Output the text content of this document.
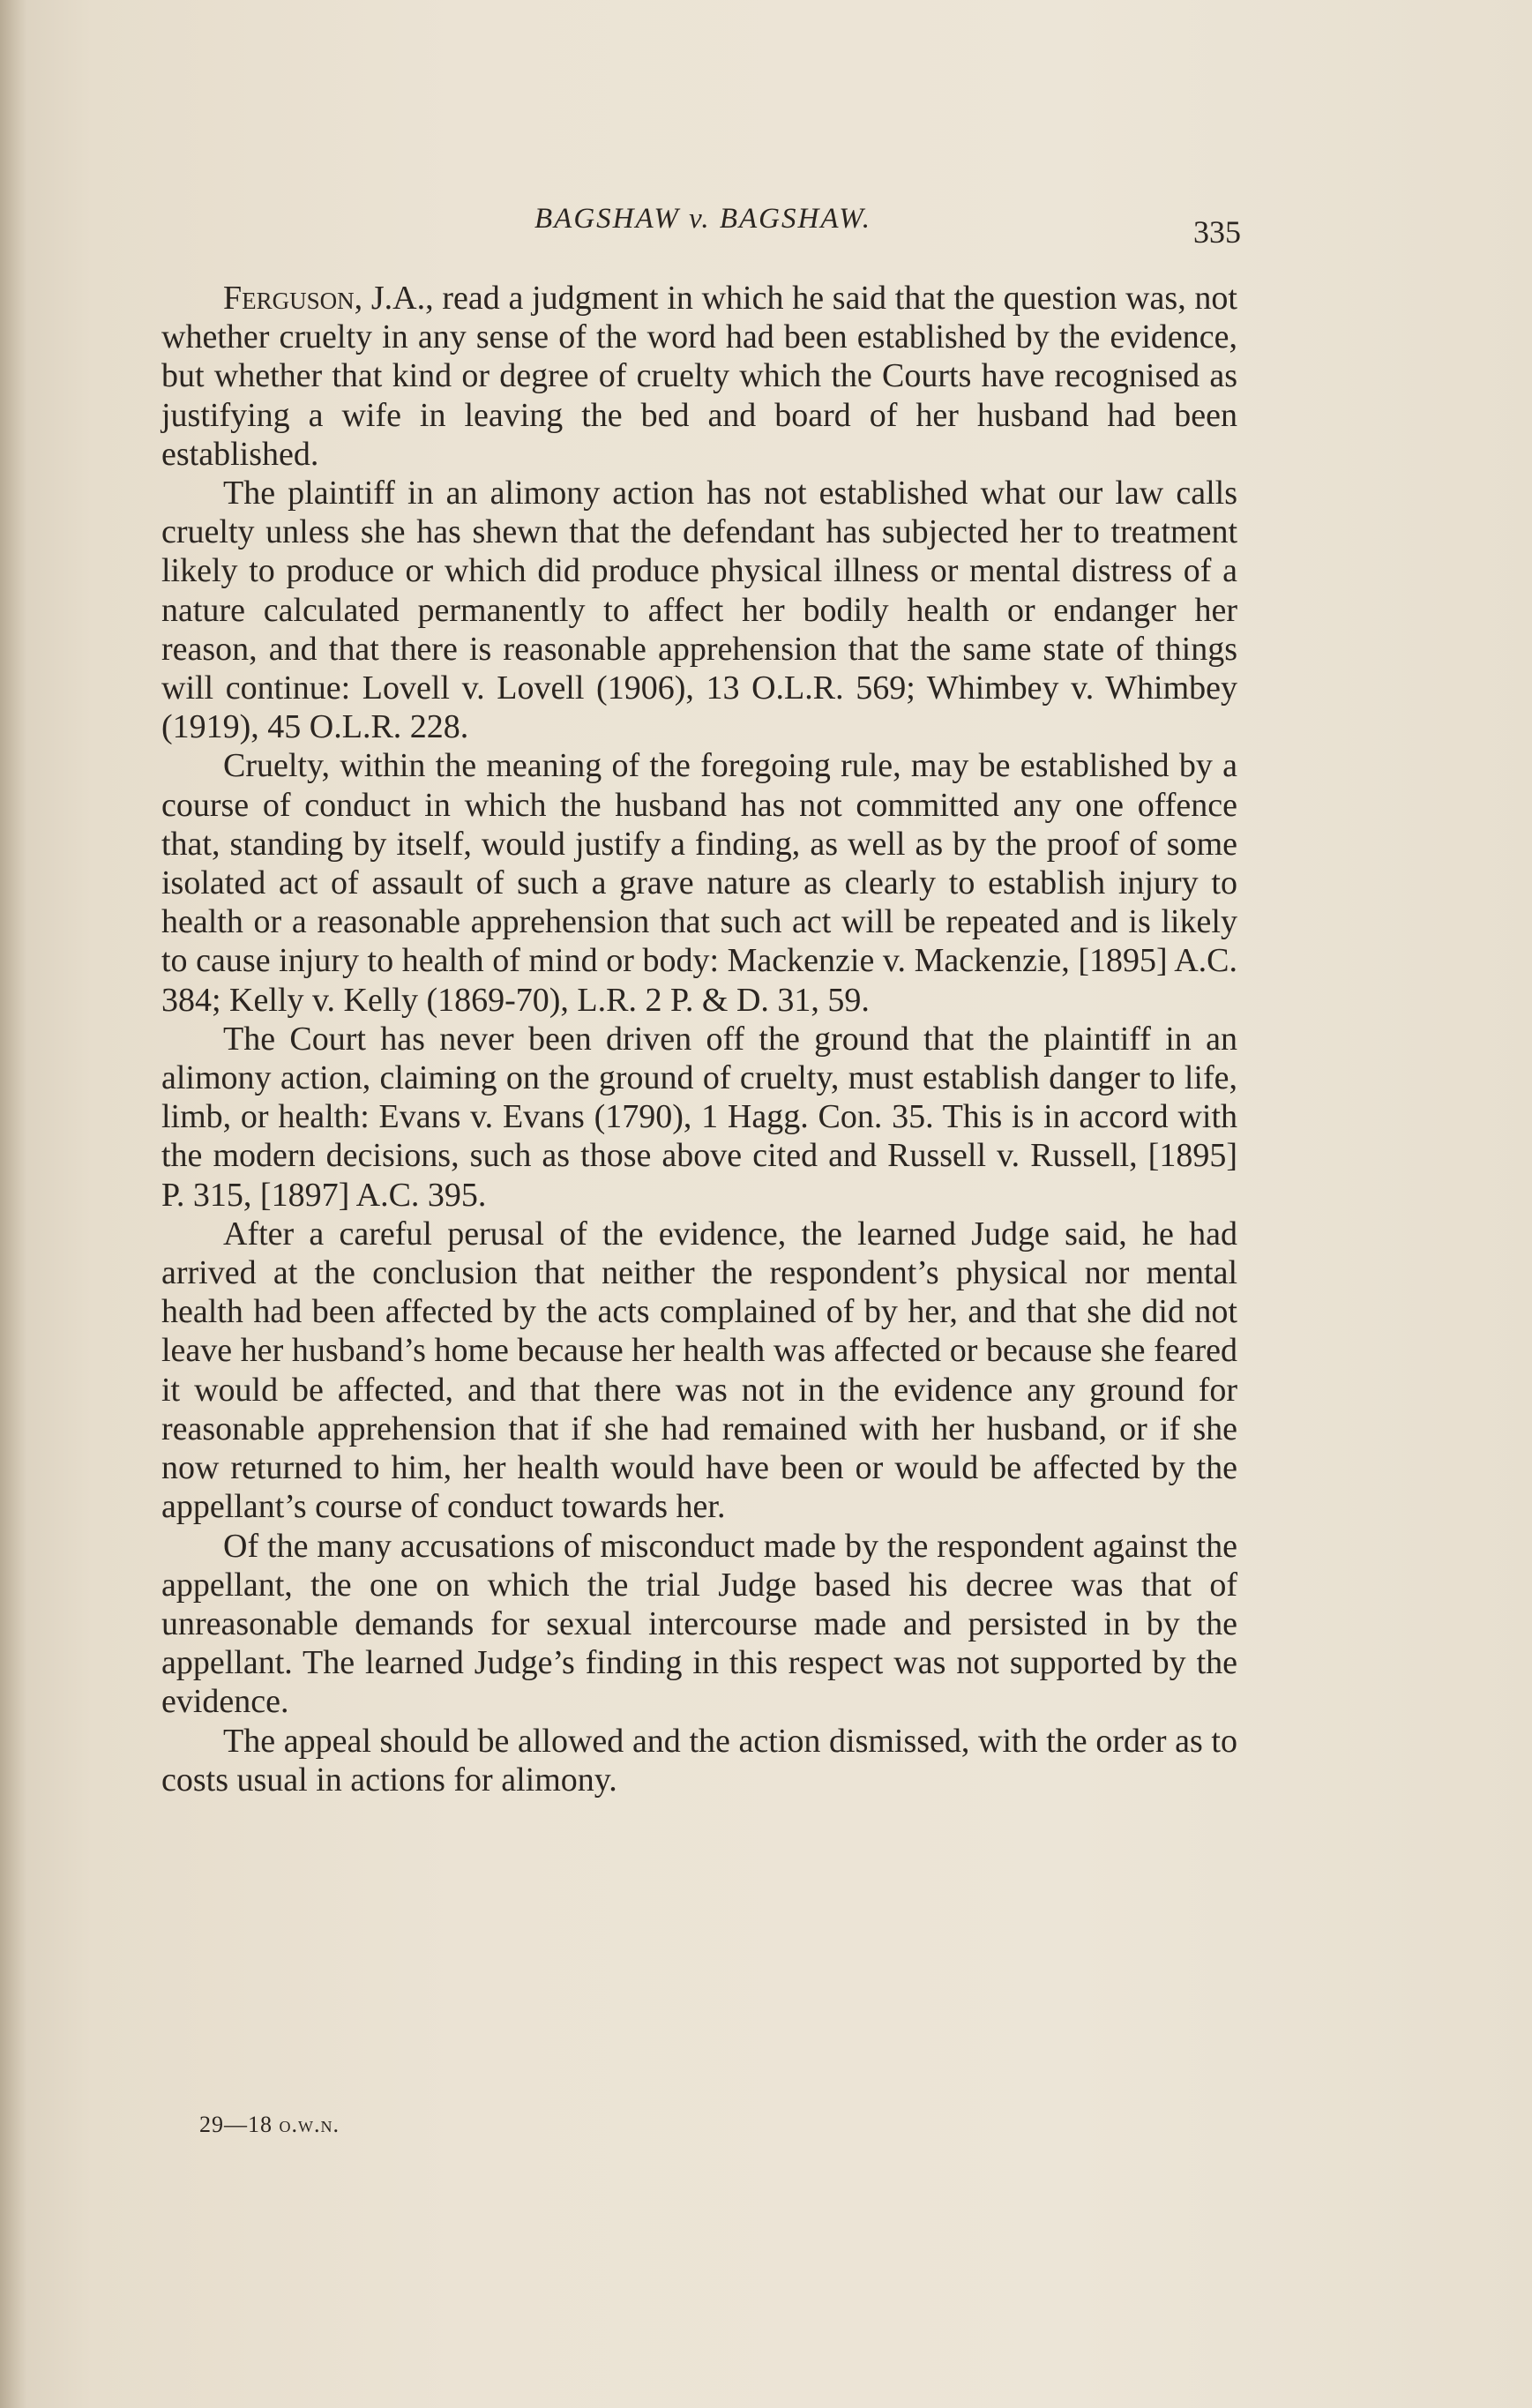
BAGSHAW v. BAGSHAW.	335

Ferguson, J.A., read a judgment in which he said that the question was, not whether cruelty in any sense of the word had been established by the evidence, but whether that kind or degree of cruelty which the Courts have recognised as justifying a wife in leaving the bed and board of her husband had been established.

The plaintiff in an alimony action has not established what our law calls cruelty unless she has shewn that the defendant has subjected her to treatment likely to produce or which did produce physical illness or mental distress of a nature calculated permanently to affect her bodily health or endanger her reason, and that there is reasonable apprehension that the same state of things will continue: Lovell v. Lovell (1906), 13 O.L.R. 569; Whimbey v. Whimbey (1919), 45 O.L.R. 228.

Cruelty, within the meaning of the foregoing rule, may be established by a course of conduct in which the husband has not committed any one offence that, standing by itself, would justify a finding, as well as by the proof of some isolated act of assault of such a grave nature as clearly to establish injury to health or a reasonable apprehension that such act will be repeated and is likely to cause injury to health of mind or body: Mackenzie v. Mackenzie, [1895] A.C. 384; Kelly v. Kelly (1869-70), L.R. 2 P. & D. 31, 59.

The Court has never been driven off the ground that the plaintiff in an alimony action, claiming on the ground of cruelty, must establish danger to life, limb, or health: Evans v. Evans (1790), 1 Hagg. Con. 35. This is in accord with the modern decisions, such as those above cited and Russell v. Russell, [1895] P. 315, [1897] A.C. 395.

After a careful perusal of the evidence, the learned Judge said, he had arrived at the conclusion that neither the respondent’s physical nor mental health had been affected by the acts complained of by her, and that she did not leave her husband’s home because her health was affected or because she feared it would be affected, and that there was not in the evidence any ground for reasonable apprehension that if she had remained with her husband, or if she now returned to him, her health would have been or would be affected by the appellant’s course of conduct towards her.

Of the many accusations of misconduct made by the respondent against the appellant, the one on which the trial Judge based his decree was that of unreasonable demands for sexual intercourse made and persisted in by the appellant. The learned Judge’s finding in this respect was not supported by the evidence.

The appeal should be allowed and the action dismissed, with the order as to costs usual in actions for alimony.

29—18 o.w.n.
